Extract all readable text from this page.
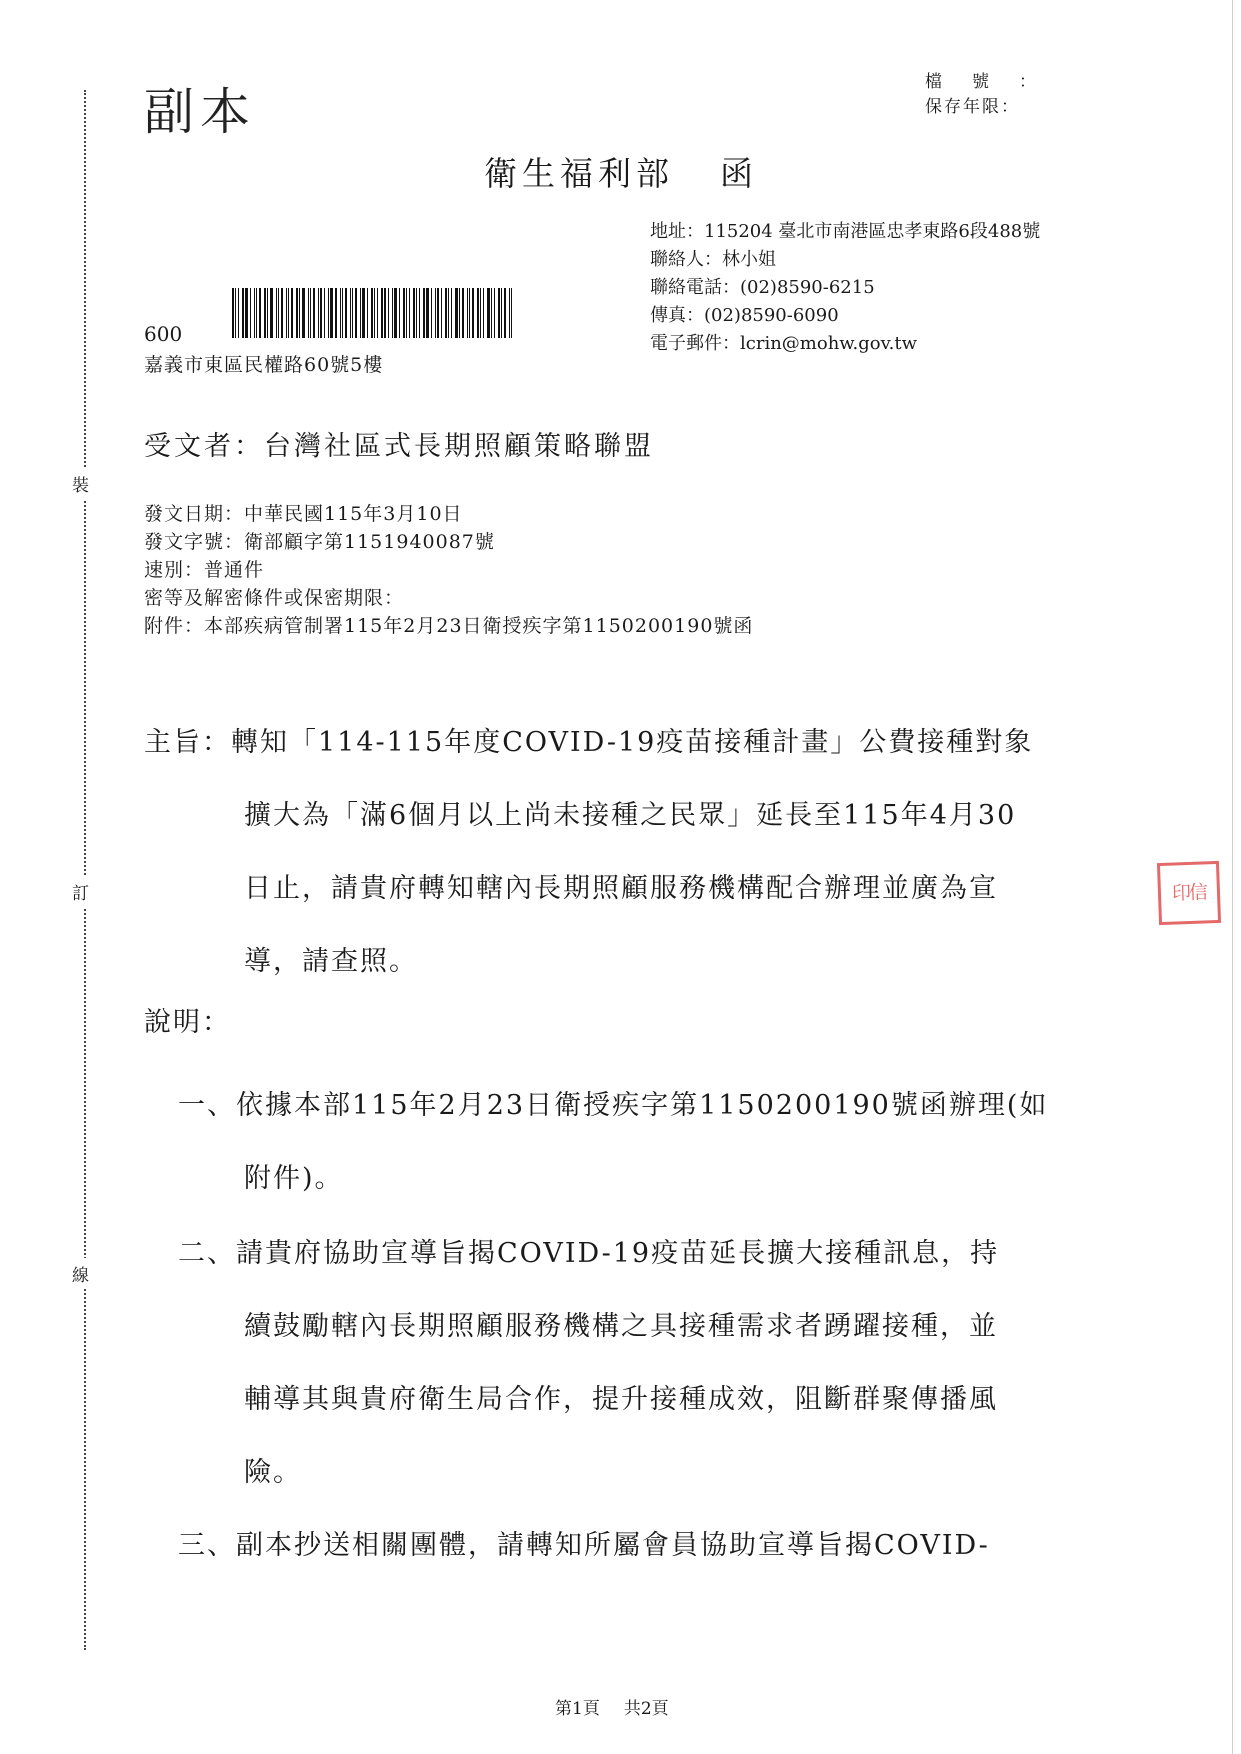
裝
訂
線
副本
檔號 ：
保存年限 ：
衛生福利部 函
地址：115204 臺北市南港區忠孝東路6段488號
聯絡人：林小姐
聯絡電話：(02)8590-6215
傳真：(02)8590-6090
電子郵件：lcrin@mohw.gov.tw
600
嘉義市東區民權路60號5樓
受文者：台灣社區式長期照顧策略聯盟
發文日期：中華民國115年3月10日
發文字號：衛部顧字第1151940087號
速別：普通件
密等及解密條件或保密期限：
附件：本部疾病管制署115年2月23日衛授疾字第1150200190號函
主旨：轉知「114-115年度COVID-19疫苗接種計畫」公費接種對象
擴大為「滿6個月以上尚未接種之民眾」延長至115年4月30
日止，請貴府轉知轄內長期照顧服務機構配合辦理並廣為宣
導，請查照。
印信
說明：
一、依據本部115年2月23日衛授疾字第1150200190號函辦理(如
附件)。
二、請貴府協助宣導旨揭COVID-19疫苗延長擴大接種訊息，持
續鼓勵轄內長期照顧服務機構之具接種需求者踴躍接種，並
輔導其與貴府衛生局合作，提升接種成效，阻斷群聚傳播風
險。
三、副本抄送相關團體，請轉知所屬會員協助宣導旨揭COVID-
第1頁 共2頁
